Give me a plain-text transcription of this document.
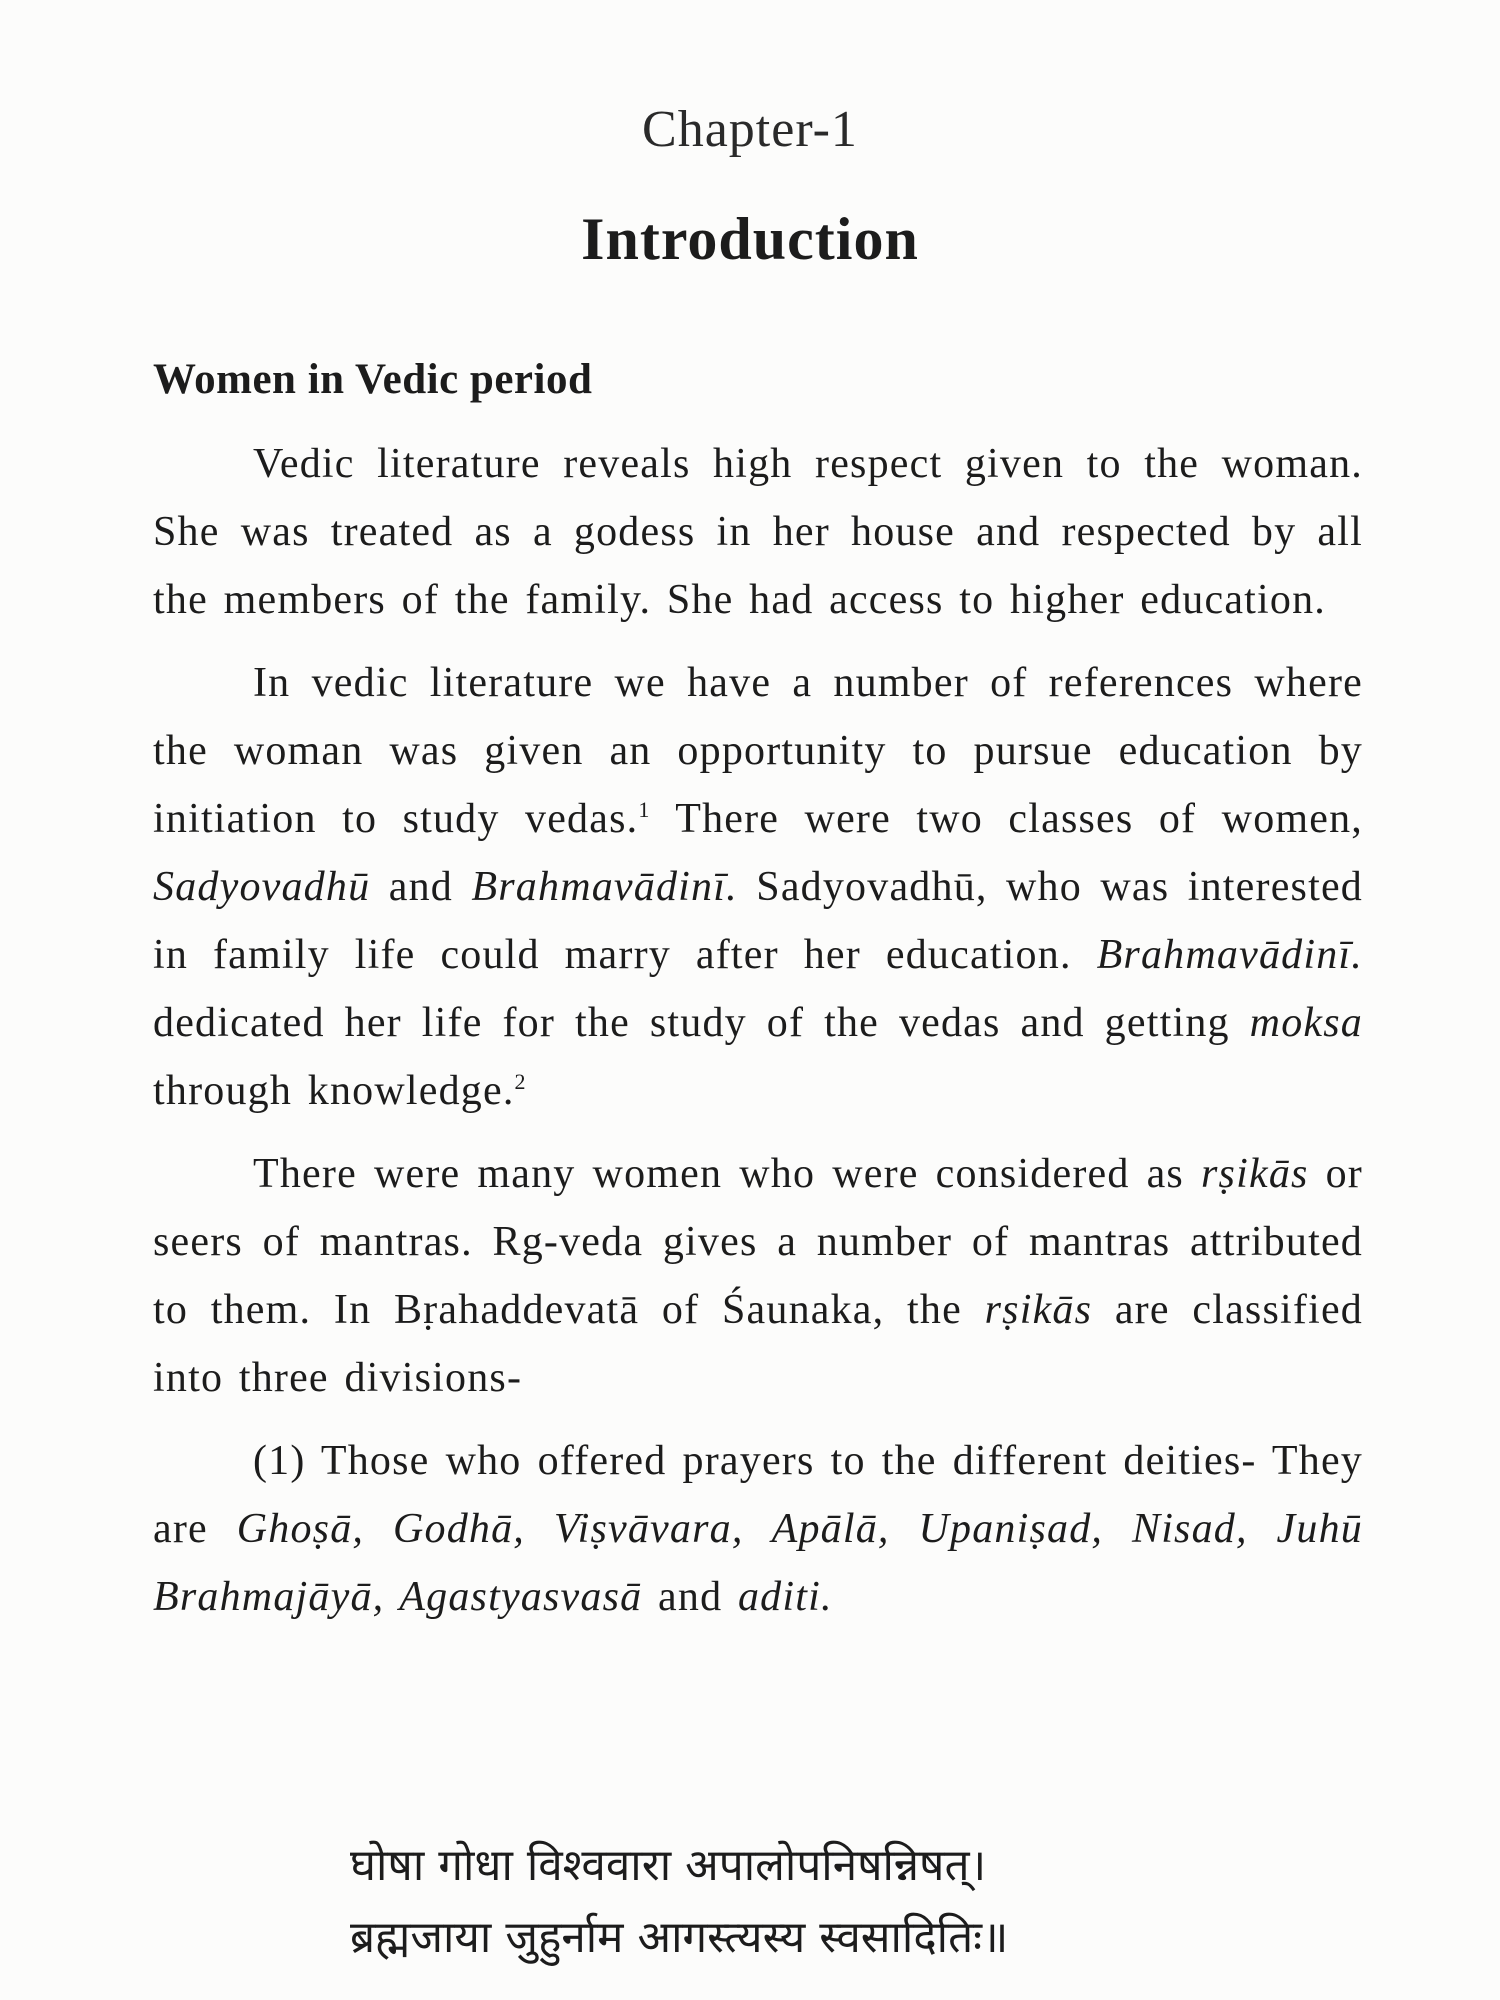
Chapter-1
Introduction
Women in Vedic period

Vedic literature reveals high respect given to the woman. She was treated as a godess in her house and respected by all the members of the family. She had access to higher education.

In vedic literature we have a number of references where the woman was given an opportunity to pursue education by initiation to study vedas.$^1$ There were two classes of women, Sadyovadhū and Brahmavādinī. Sadyovadhū, who was interested in family life could marry after her education. Brahmavādinī. dedicated her life for the study of the vedas and getting moksa through knowledge.$^2$

There were many women who were considered as rṣikās or seers of mantras. Rg-veda gives a number of mantras attributed to them. In Bṛahaddevatā of Śaunaka, the rṣikās are classified into three divisions-

(1) Those who offered prayers to the different deities- They are Ghoṣā, Godhā, Viṣvāvara, Apālā, Upaniṣad, Nisad, Juhū Brahmajāyā, Agastyasvasā and aditi.

घोषा गोधा विश्ववारा अपालोपनिषन्निषत्।
ब्रह्मजाया जुहुर्नाम आगस्त्यस्य स्वसादितिः॥
